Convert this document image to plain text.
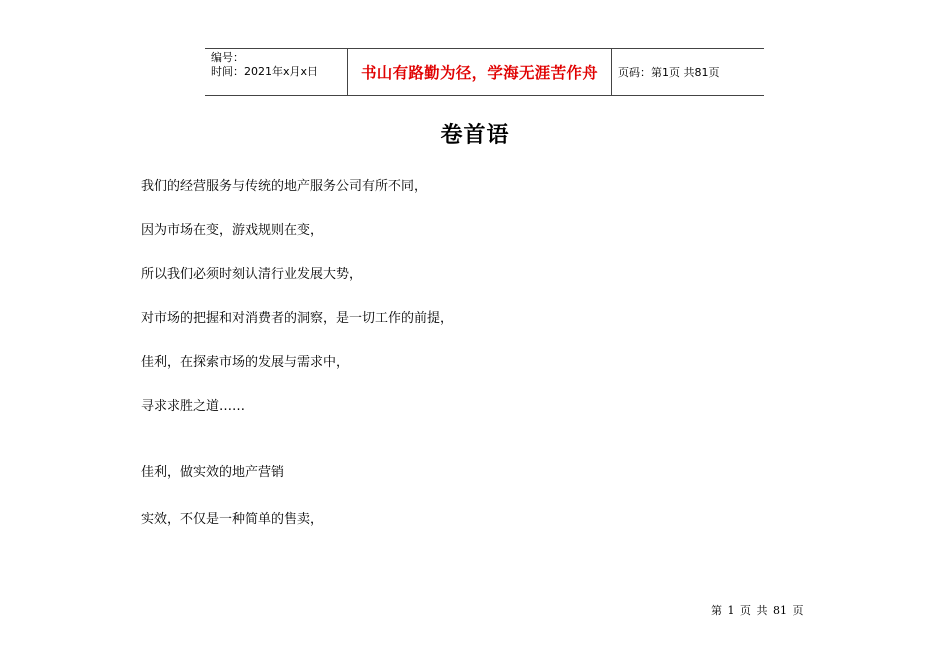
编号：
时间：2021年x月x日	书山有路勤为径，学海无涯苦作舟	页码：第1页 共81页
卷首语
我们的经营服务与传统的地产服务公司有所不同，
因为市场在变，游戏规则在变，
所以我们必须时刻认清行业发展大势，
对市场的把握和对消费者的洞察，是一切工作的前提，
佳利，在探索市场的发展与需求中，
寻求求胜之道……
佳利，做实效的地产营销
实效，不仅是一种简单的售卖，
第 1 页 共 81 页
